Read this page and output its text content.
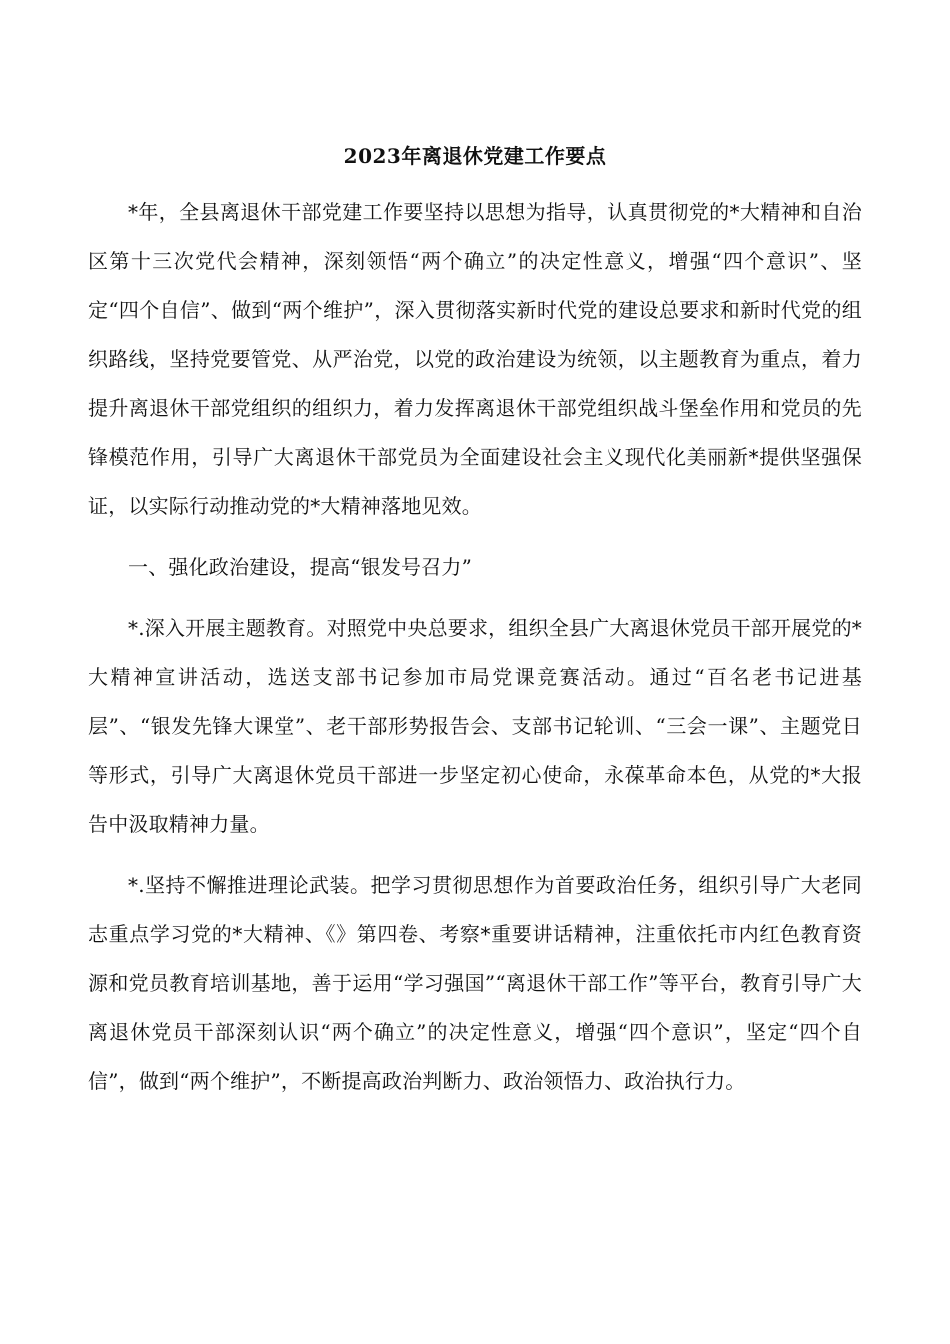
2023年离退休党建工作要点

*年，全县离退休干部党建工作要坚持以思想为指导，认真贯彻党的*大精神和自治区第十三次党代会精神，深刻领悟“两个确立”的决定性意义，增强“四个意识”、坚定“四个自信”、做到“两个维护”，深入贯彻落实新时代党的建设总要求和新时代党的组织路线，坚持党要管党、从严治党，以党的政治建设为统领，以主题教育为重点，着力提升离退休干部党组织的组织力，着力发挥离退休干部党组织战斗堡垒作用和党员的先锋模范作用，引导广大离退休干部党员为全面建设社会主义现代化美丽新*提供坚强保证，以实际行动推动党的*大精神落地见效。

一、强化政治建设，提高“银发号召力”

*.深入开展主题教育。对照党中央总要求，组织全县广大离退休党员干部开展党的*大精神宣讲活动，选送支部书记参加市局党课竞赛活动。通过“百名老书记进基层”、“银发先锋大课堂”、老干部形势报告会、支部书记轮训、“三会一课”、主题党日等形式，引导广大离退休党员干部进一步坚定初心使命，永葆革命本色，从党的*大报告中汲取精神力量。

*.坚持不懈推进理论武装。把学习贯彻思想作为首要政治任务，组织引导广大老同志重点学习党的*大精神、《》第四卷、考察*重要讲话精神，注重依托市内红色教育资源和党员教育培训基地，善于运用“学习强国”“离退休干部工作”等平台，教育引导广大离退休党员干部深刻认识“两个确立”的决定性意义，增强“四个意识”，坚定“四个自信”，做到“两个维护”，不断提高政治判断力、政治领悟力、政治执行力。
